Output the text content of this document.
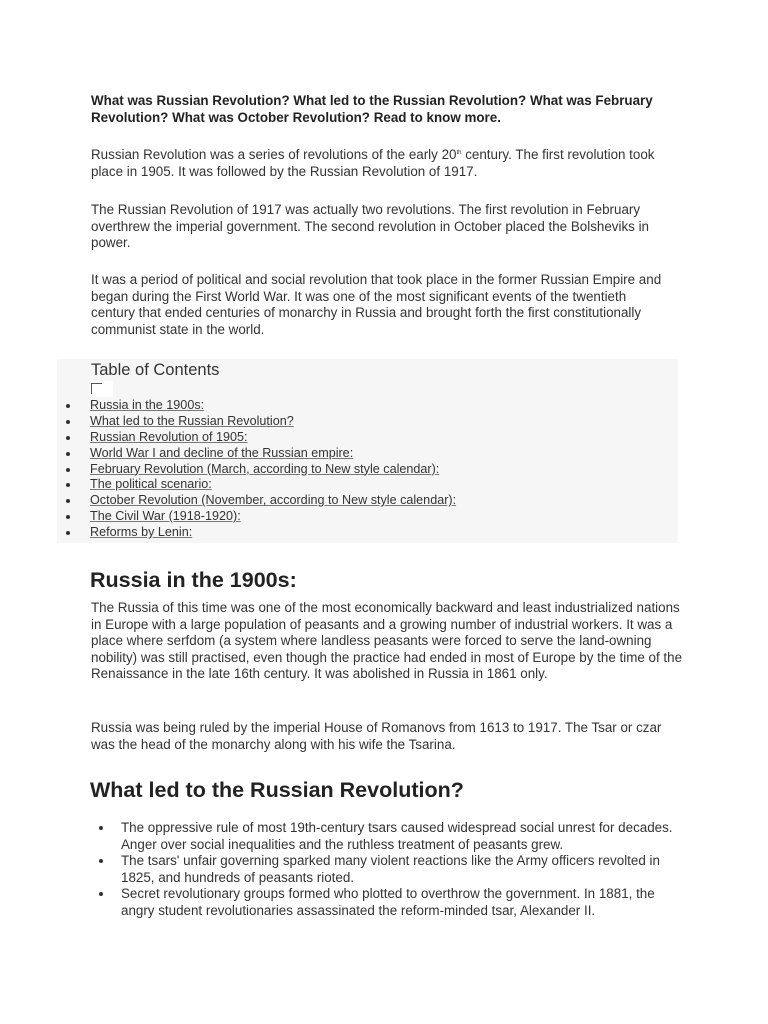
What was Russian Revolution? What led to the Russian Revolution? What was February Revolution? What was October Revolution? Read to know more.

Russian Revolution was a series of revolutions of the early 20th century. The first revolution took place in 1905. It was followed by the Russian Revolution of 1917.

The Russian Revolution of 1917 was actually two revolutions. The first revolution in February overthrew the imperial government. The second revolution in October placed the Bolsheviks in power.

It was a period of political and social revolution that took place in the former Russian Empire and began during the First World War. It was one of the most significant events of the twentieth century that ended centuries of monarchy in Russia and brought forth the first constitutionally communist state in the world.

Table of Contents
Russia in the 1900s:
What led to the Russian Revolution?
Russian Revolution of 1905:
World War I and decline of the Russian empire:
February Revolution (March, according to New style calendar):
The political scenario:
October Revolution (November, according to New style calendar):
The Civil War (1918-1920):
Reforms by Lenin:
Russia in the 1900s:

The Russia of this time was one of the most economically backward and least industrialized nations in Europe with a large population of peasants and a growing number of industrial workers. It was a place where serfdom (a system where landless peasants were forced to serve the land-owning nobility) was still practised, even though the practice had ended in most of Europe by the time of the Renaissance in the late 16th century. It was abolished in Russia in 1861 only.

Russia was being ruled by the imperial House of Romanovs from 1613 to 1917. The Tsar or czar was the head of the monarchy along with his wife the Tsarina.

What led to the Russian Revolution?
The oppressive rule of most 19th-century tsars caused widespread social unrest for decades. Anger over social inequalities and the ruthless treatment of peasants grew.
The tsars' unfair governing sparked many violent reactions like the Army officers revolted in 1825, and hundreds of peasants rioted.
Secret revolutionary groups formed who plotted to overthrow the government. In 1881, the angry student revolutionaries assassinated the reform-minded tsar, Alexander II.
